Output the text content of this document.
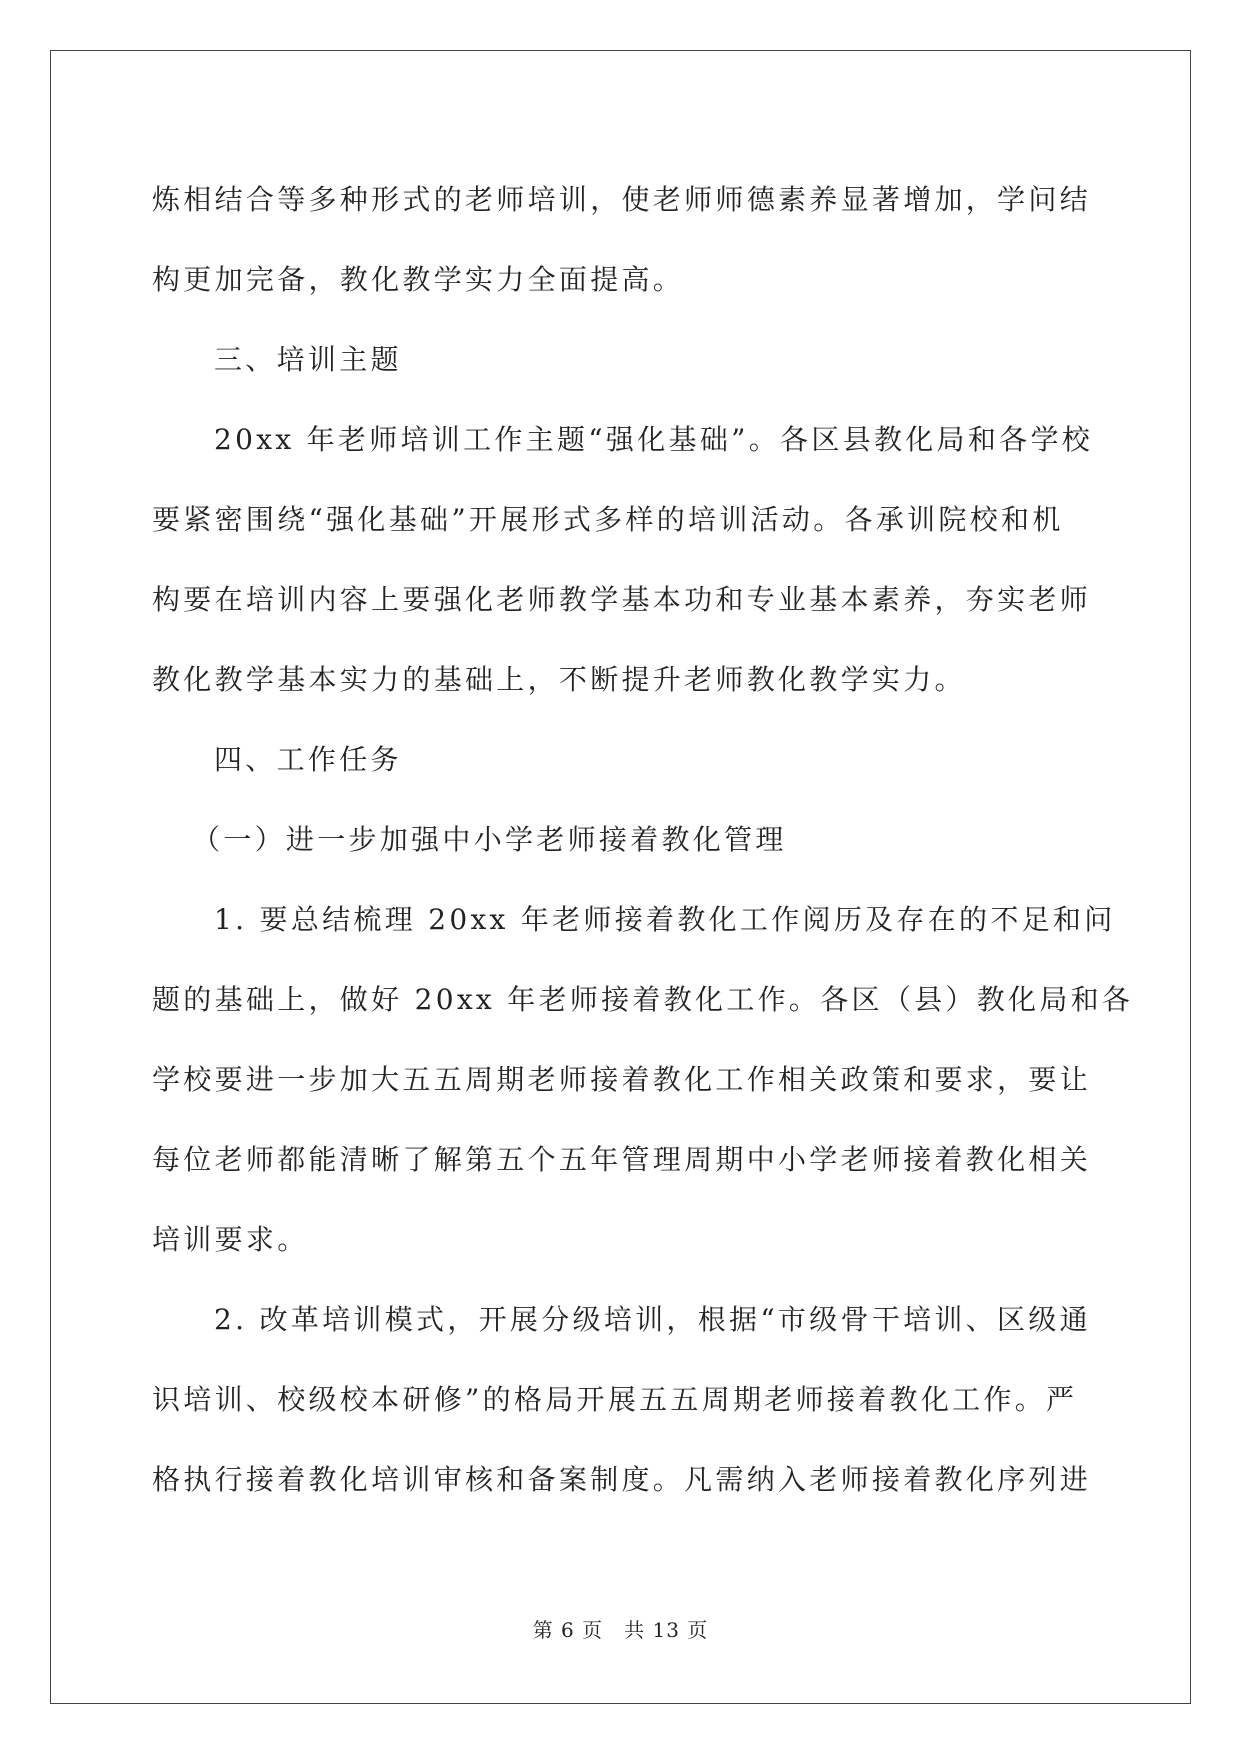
炼相结合等多种形式的老师培训，使老师师德素养显著增加，学问结
构更加完备，教化教学实力全面提高。
三、培训主题
20xx 年老师培训工作主题“强化基础”。各区县教化局和各学校
要紧密围绕“强化基础”开展形式多样的培训活动。各承训院校和机
构要在培训内容上要强化老师教学基本功和专业基本素养，夯实老师
教化教学基本实力的基础上，不断提升老师教化教学实力。
四、工作任务
（一）进一步加强中小学老师接着教化管理
1. 要总结梳理 20xx 年老师接着教化工作阅历及存在的不足和问
题的基础上，做好 20xx 年老师接着教化工作。各区（县）教化局和各
学校要进一步加大五五周期老师接着教化工作相关政策和要求，要让
每位老师都能清晰了解第五个五年管理周期中小学老师接着教化相关
培训要求。
2. 改革培训模式，开展分级培训，根据“市级骨干培训、区级通
识培训、校级校本研修”的格局开展五五周期老师接着教化工作。严
格执行接着教化培训审核和备案制度。凡需纳入老师接着教化序列进
第 6 页　共 13 页
